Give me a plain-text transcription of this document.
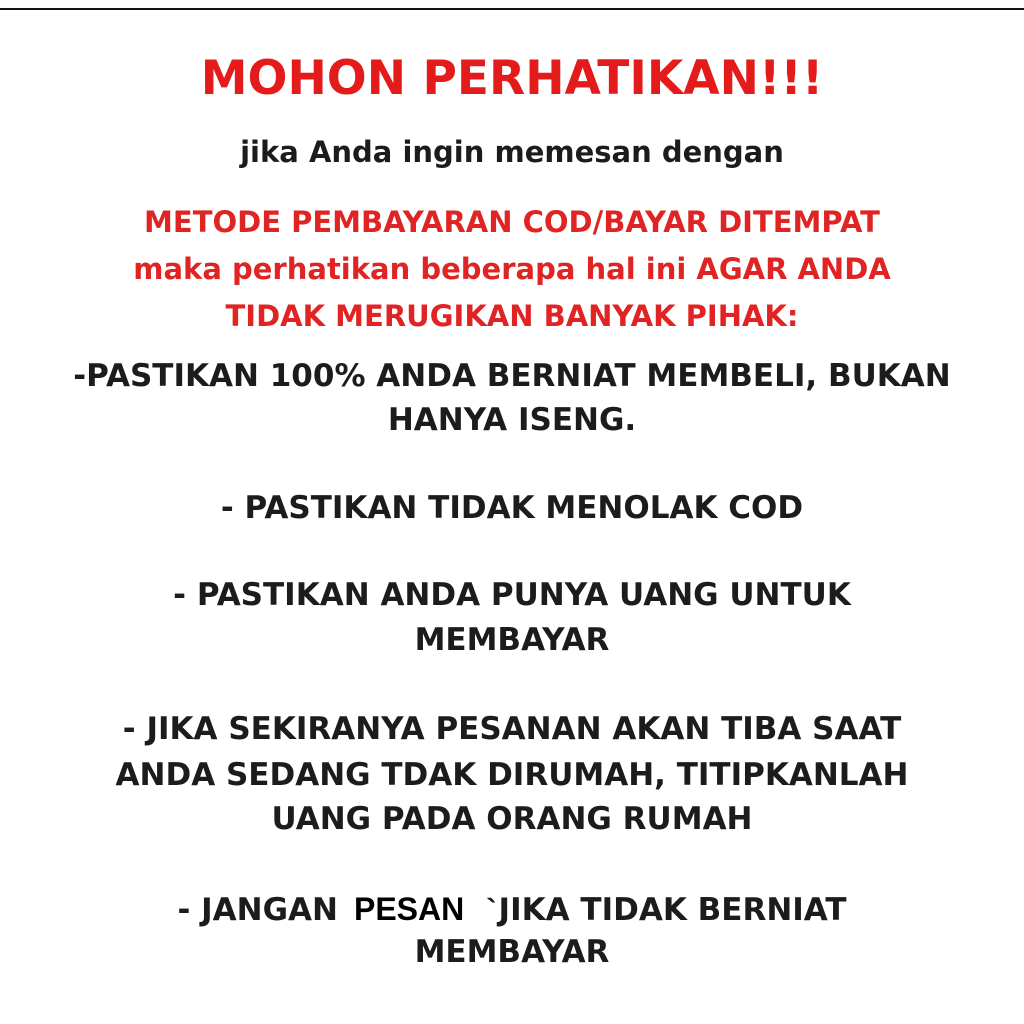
MOHON PERHATIKAN!!!
jika Anda ingin memesan dengan
METODE PEMBAYARAN COD/BAYAR DITEMPAT
maka perhatikan beberapa hal ini AGAR ANDA
TIDAK MERUGIKAN BANYAK PIHAK:
-PASTIKAN 100% ANDA BERNIAT MEMBELI, BUKAN
HANYA ISENG.
- PASTIKAN TIDAK MENOLAK COD
- PASTIKAN ANDA PUNYA UANG UNTUK
MEMBAYAR
- JIKA SEKIRANYA PESANAN AKAN TIBA SAAT
ANDA SEDANG TDAK DIRUMAH, TITIPKANLAH
UANG PADA ORANG RUMAH
- JANGAN PESAN `JIKA TIDAK BERNIAT
MEMBAYAR
